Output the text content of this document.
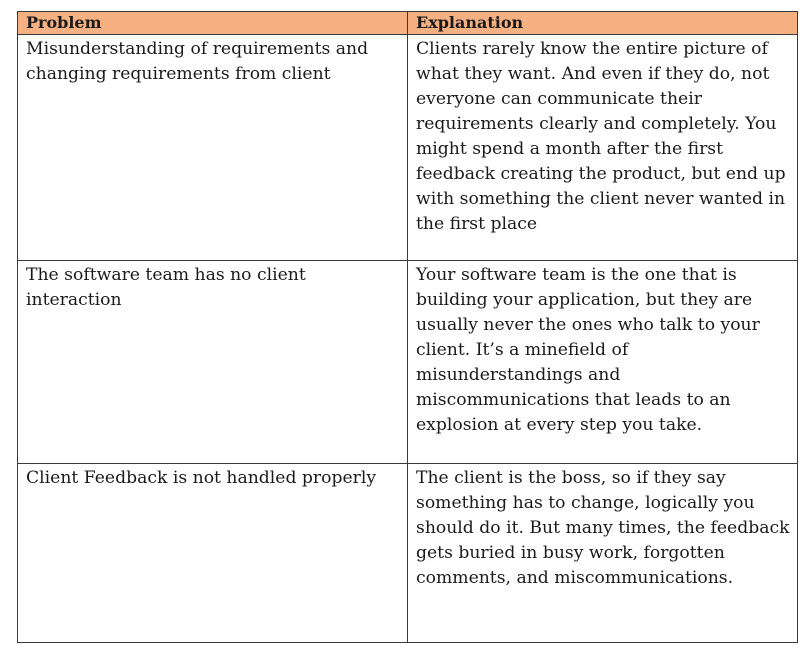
Problem	Explanation
Misunderstanding of requirements and changing requirements from client	Clients rarely know the entire picture of what they want. And even if they do, not everyone can communicate their requirements clearly and completely. You might spend a month after the first feedback creating the product, but end up with something the client never wanted in the first place
The software team has no client interaction	Your software team is the one that is building your application, but they are usually never the ones who talk to your client. It’s a minefield of misunderstandings and miscommunications that leads to an explosion at every step you take.
Client Feedback is not handled properly	The client is the boss, so if they say something has to change, logically you should do it. But many times, the feedback gets buried in busy work, forgotten comments, and miscommunications.
